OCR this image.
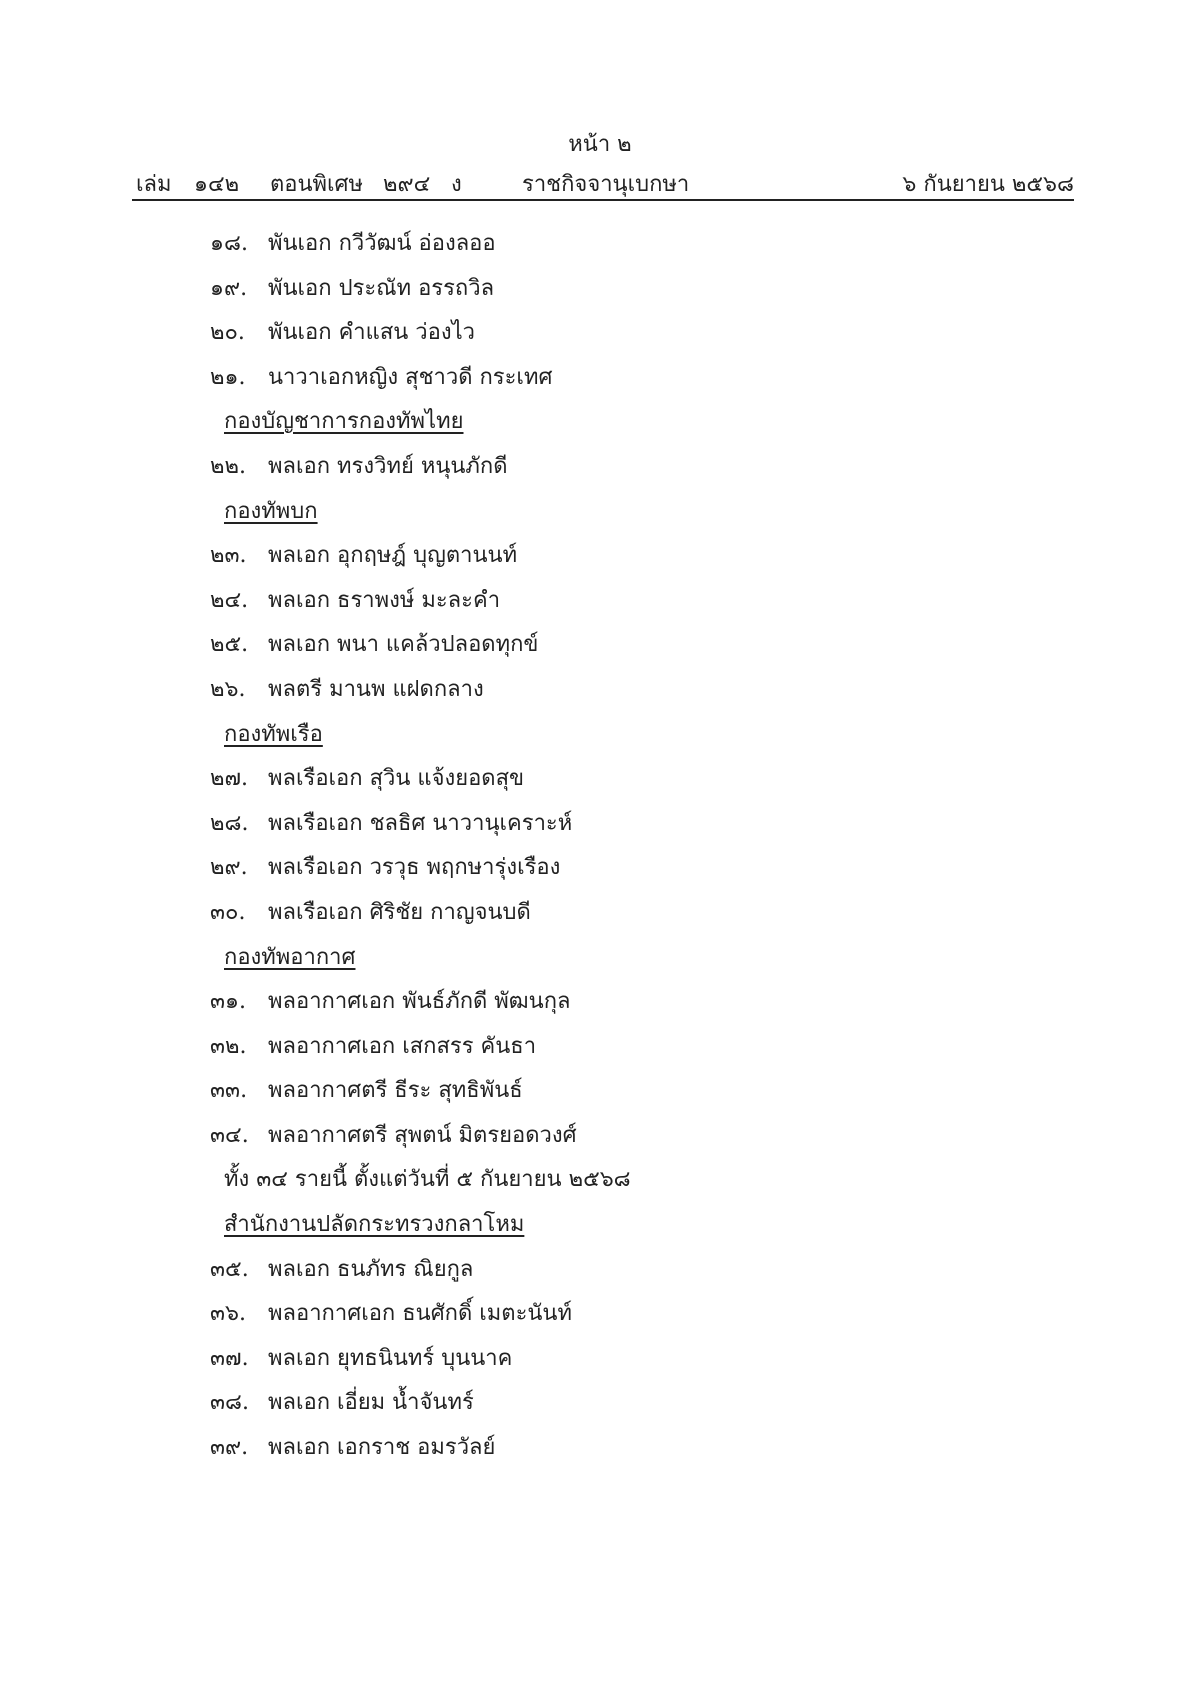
หน้า ๒
เล่ม ๑๔๒ ตอนพิเศษ ๒๙๔ ง	ราชกิจจานุเบกษา	๖ กันยายน ๒๕๖๘
๑๘. พันเอก กวีวัฒน์ อ่องลออ
๑๙. พันเอก ประณัท อรรถวิล
๒๐.	พันเอก คำแสน ว่องไว
๒๑.	นาวาเอกหญิง สุชาวดี กระเทศ
กองบัญชาการกองทัพไทย
๒๒.	พลเอก ทรงวิทย์ หนุนภักดี
กองทัพบก
๒๓. พลเอก อุกฤษฎ์ บุญตานนท์
๒๔. พลเอก ธราพงษ์ มะละคำ
๒๕. พลเอก พนา แคล้วปลอดทุกข์
๒๖.	พลตรี มานพ แฝดกลาง
กองทัพเรือ
๒๗. พลเรือเอก สุวิน แจ้งยอดสุข
๒๘. พลเรือเอก ชลธิศ นาวานุเคราะห์
๒๙. พลเรือเอก วรวุธ พฤกษารุ่งเรือง
๓๐.	พลเรือเอก ศิริชัย กาญจนบดี
กองทัพอากาศ
๓๑.	พลอากาศเอก พันธ์ภักดี พัฒนกุล
๓๒. พลอากาศเอก เสกสรร คันธา
๓๓. พลอากาศตรี ธีระ สุทธิพันธ์
๓๔. พลอากาศตรี สุพตน์ มิตรยอดวงศ์
ทั้ง ๓๔ รายนี้ ตั้งแต่วันที่ ๕ กันยายน ๒๕๖๘
สำนักงานปลัดกระทรวงกลาโหม
๓๕. พลเอก ธนภัทร ณิยกูล
๓๖.	พลอากาศเอก ธนศักดิ์ เมตะนันท์
๓๗. พลเอก ยุทธนินทร์ บุนนาค
๓๘. พลเอก เอี่ยม น้ำจันทร์
๓๙. พลเอก เอกราช อมรวัลย์
